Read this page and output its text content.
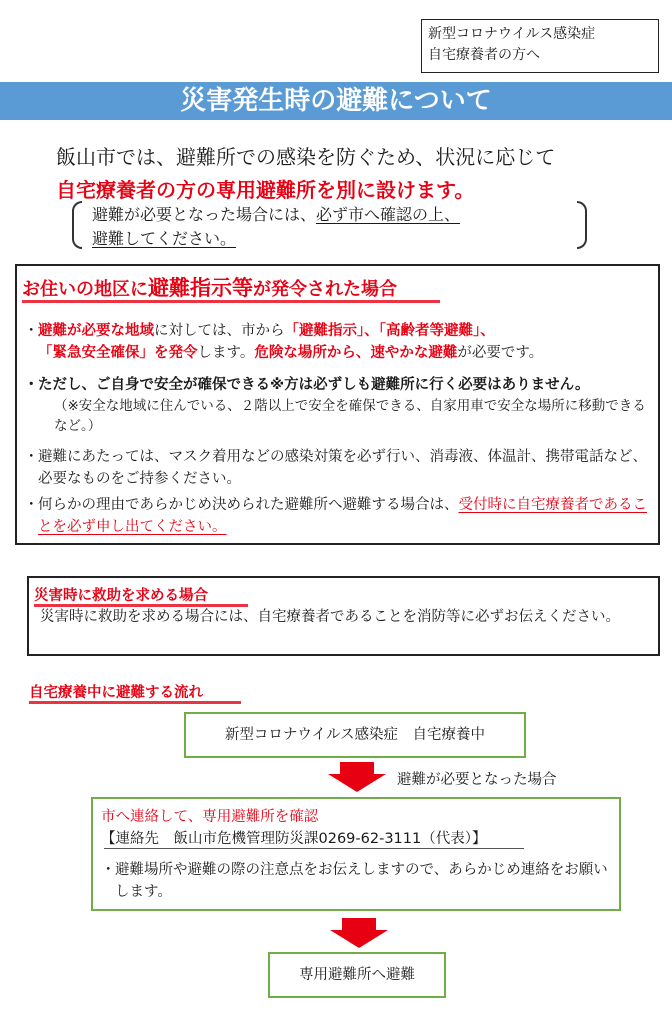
新型コロナウイルス感染症
自宅療養者の方へ
災害発生時の避難について
飯山市では、避難所での感染を防ぐため、状況に応じて
自宅療養者の方の専用避難所を別に設けます。
避難が必要となった場合には、必ず市へ確認の上、
避難してください。
お住いの地区に避難指示等が発令された場合
・ 避難が必要な地域に対しては、市から「避難指示」、「高齢者等避難」、
「緊急安全確保」を発令します。危険な場所から、速やかな避難が必要です。
・ ただし、ご自身で安全が確保できる※方は必ずしも避難所に行く必要はありません。
（※安全な地域に住んでいる、２階以上で安全を確保できる、自家用車で安全な場所に移動できるなど。）
・ 避難にあたっては、マスク着用などの感染対策を必ず行い、消毒液、体温計、携帯電話など、必要なものをご持参ください。
・ 何らかの理由であらかじめ決められた避難所へ避難する場合は、受付時に自宅療養者であることを必ず申し出てください。
災害時に救助を求める場合
災害時に救助を求める場合には、自宅療養者であることを消防等に必ずお伝えください。
自宅療養中に避難する流れ
新型コロナウイルス感染症　自宅療養中
避難が必要となった場合
市へ連絡して、専用避難所を確認
【連絡先　飯山市危機管理防災課0269-62-3111（代表）】
・ 避難場所や避難の際の注意点をお伝えしますので、あらかじめ連絡をお願いします。
専用避難所へ避難
